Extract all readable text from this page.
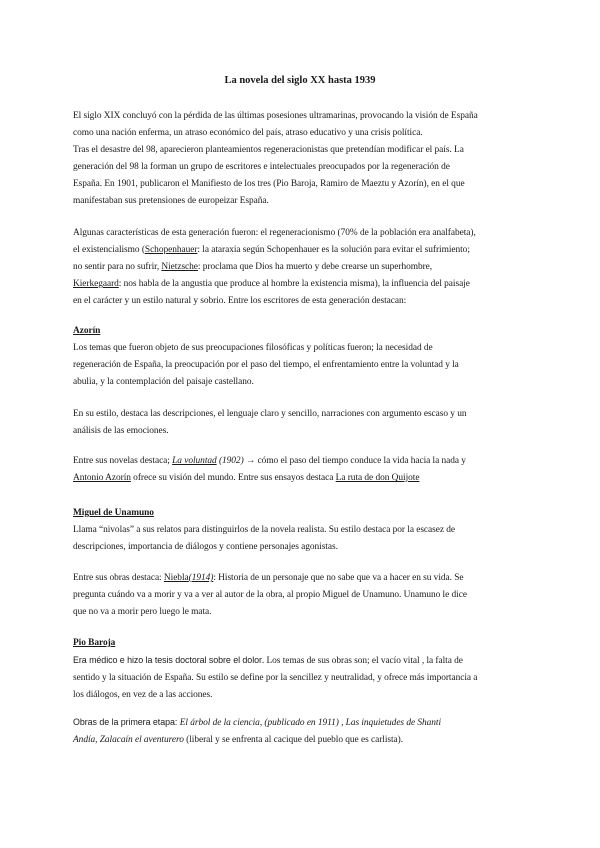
La novela del siglo XX hasta 1939
El siglo XIX concluyó con la pérdida de las últimas posesiones ultramarinas, provocando la visión de España
como una nación enferma, un atraso económico del país, atraso educativo y una crisis política.
Tras el desastre del 98, aparecieron planteamientos regeneracionistas que pretendían modificar el país. La
generación del 98 la forman un grupo de escritores e intelectuales preocupados por la regeneración de
España. En 1901, publicaron el Manifiesto de los tres (Pio Baroja, Ramiro de Maeztu y Azorín), en el que
manifestaban sus pretensiones de europeizar España.
Algunas características de esta generación fueron: el regeneracionismo (70% de la población era analfabeta),
el existencialismo (Schopenhauer: la ataraxia según Schopenhauer es la solución para evitar el sufrimiento;
no sentir para no sufrir, Nietzsche: proclama que Dios ha muerto y debe crearse un superhombre,
Kierkegaard: nos habla de la angustia que produce al hombre la existencia misma), la influencia del paisaje
en el carácter y un estilo natural y sobrio. Entre los escritores de esta generación destacan:
Azorín
Los temas que fueron objeto de sus preocupaciones filosóficas y políticas fueron; la necesidad de
regeneración de España, la preocupación por el paso del tiempo, el enfrentamiento entre la voluntad y la
abulia, y la contemplación del paisaje castellano.
En su estilo, destaca las descripciones, el lenguaje claro y sencillo, narraciones con argumento escaso y un
análisis de las emociones.
Entre sus novelas destaca; La voluntad (1902) → cómo el paso del tiempo conduce la vida hacia la nada y
Antonio Azorín ofrece su visión del mundo. Entre sus ensayos destaca La ruta de don Quijote
Miguel de Unamuno
Llama “nivolas” a sus relatos para distinguirlos de la novela realista. Su estilo destaca por la escasez de
descripciones, importancia de diálogos y contiene personajes agonistas.
Entre sus obras destaca: Niebla(1914): Historia de un personaje que no sabe que va a hacer en su vida. Se
pregunta cuándo va a morir y va a ver al autor de la obra, al propio Miguel de Unamuno. Unamuno le dice
que no va a morir pero luego le mata.
Pio Baroja
Era médico e hizo la tesis doctoral sobre el dolor. Los temas de sus obras son; el vacío vital , la falta de
sentido y la situación de España. Su estilo se define por la sencillez y neutralidad, y ofrece más importancia a
los diálogos, en vez de a las acciones.
Obras de la primera etapa: El árbol de la ciencia, (publicado en 1911) , Las inquietudes de Shanti
Andía, Zalacaín el aventurero (liberal y se enfrenta al cacique del pueblo que es carlista).
